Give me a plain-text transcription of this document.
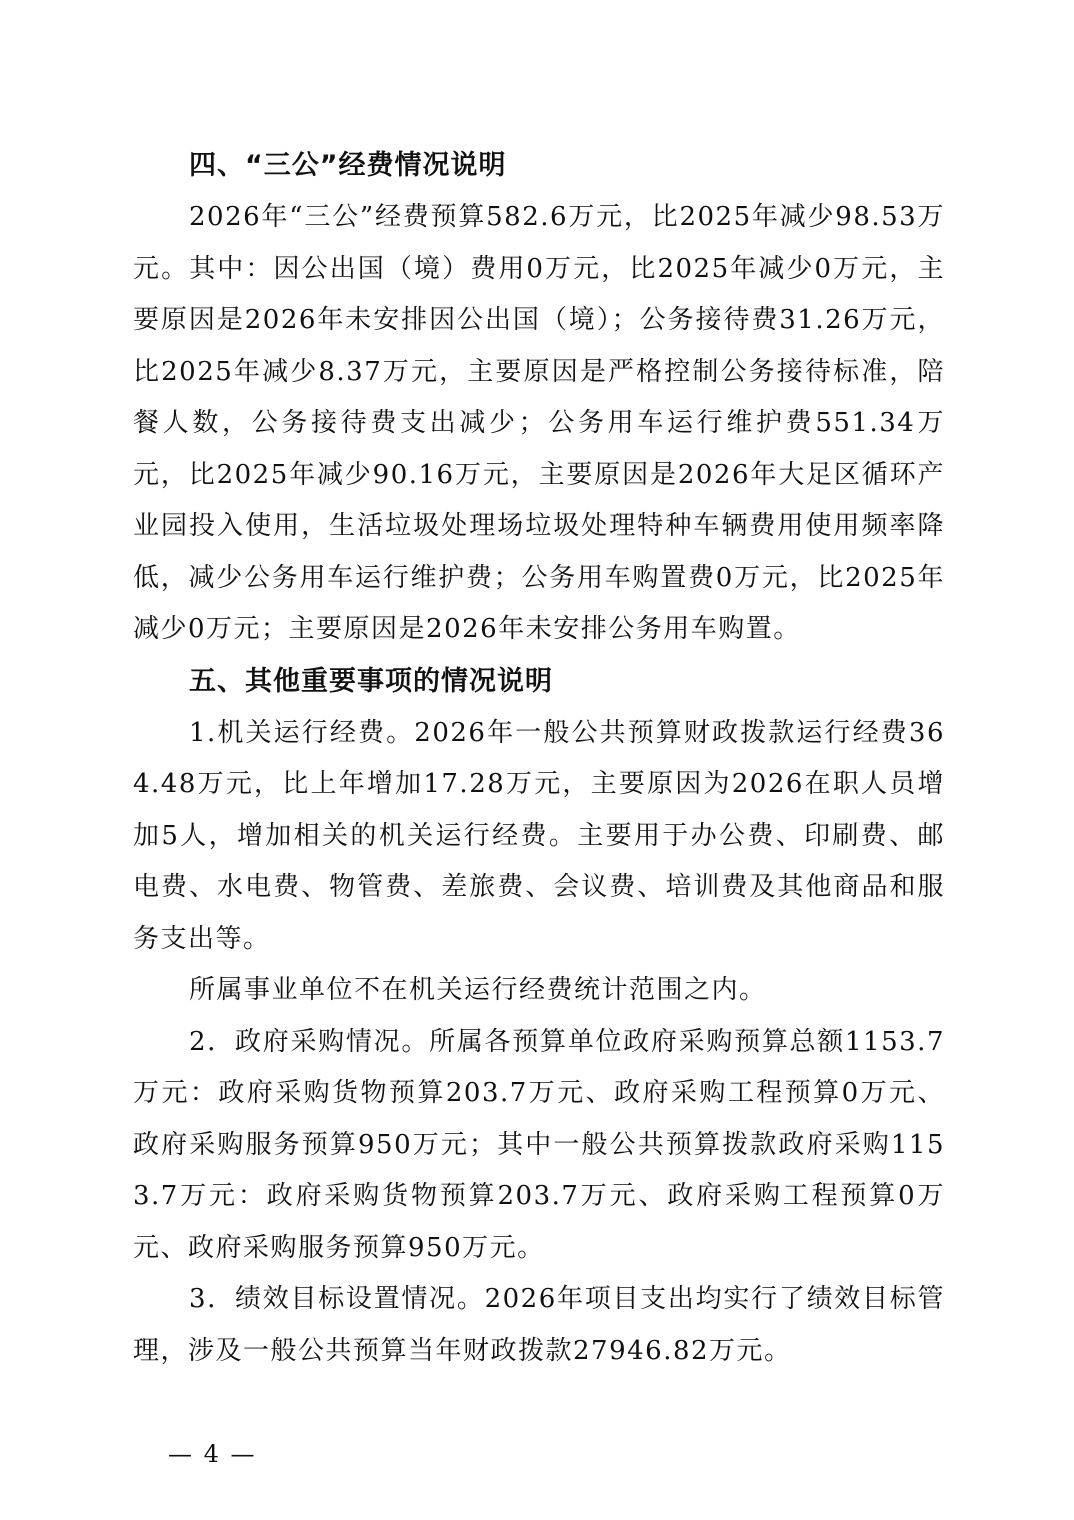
四、“三公”经费情况说明

2026年“三公”经费预算582.6万元，比2025年减少98.53万元。其中：因公出国（境）费用0万元，比2025年减少0万元，主要原因是2026年未安排因公出国（境）；公务接待费31.26万元，比2025年减少8.37万元，主要原因是严格控制公务接待标准，陪餐人数，公务接待费支出减少；公务用车运行维护费551.34万元，比2025年减少90.16万元，主要原因是2026年大足区循环产业园投入使用，生活垃圾处理场垃圾处理特种车辆费用使用频率降低，减少公务用车运行维护费；公务用车购置费0万元，比2025年减少0万元；主要原因是2026年未安排公务用车购置。

五、其他重要事项的情况说明

1.机关运行经费。2026年一般公共预算财政拨款运行经费364.48万元，比上年增加17.28万元，主要原因为2026在职人员增加5人，增加相关的机关运行经费。主要用于办公费、印刷费、邮电费、水电费、物管费、差旅费、会议费、培训费及其他商品和服务支出等。

所属事业单位不在机关运行经费统计范围之内。

2．政府采购情况。所属各预算单位政府采购预算总额1153.7万元：政府采购货物预算203.7万元、政府采购工程预算0万元、政府采购服务预算950万元；其中一般公共预算拨款政府采购1153.7万元：政府采购货物预算203.7万元、政府采购工程预算0万元、政府采购服务预算950万元。

3．绩效目标设置情况。2026年项目支出均实行了绩效目标管理，涉及一般公共预算当年财政拨款27946.82万元。

— 4 —
